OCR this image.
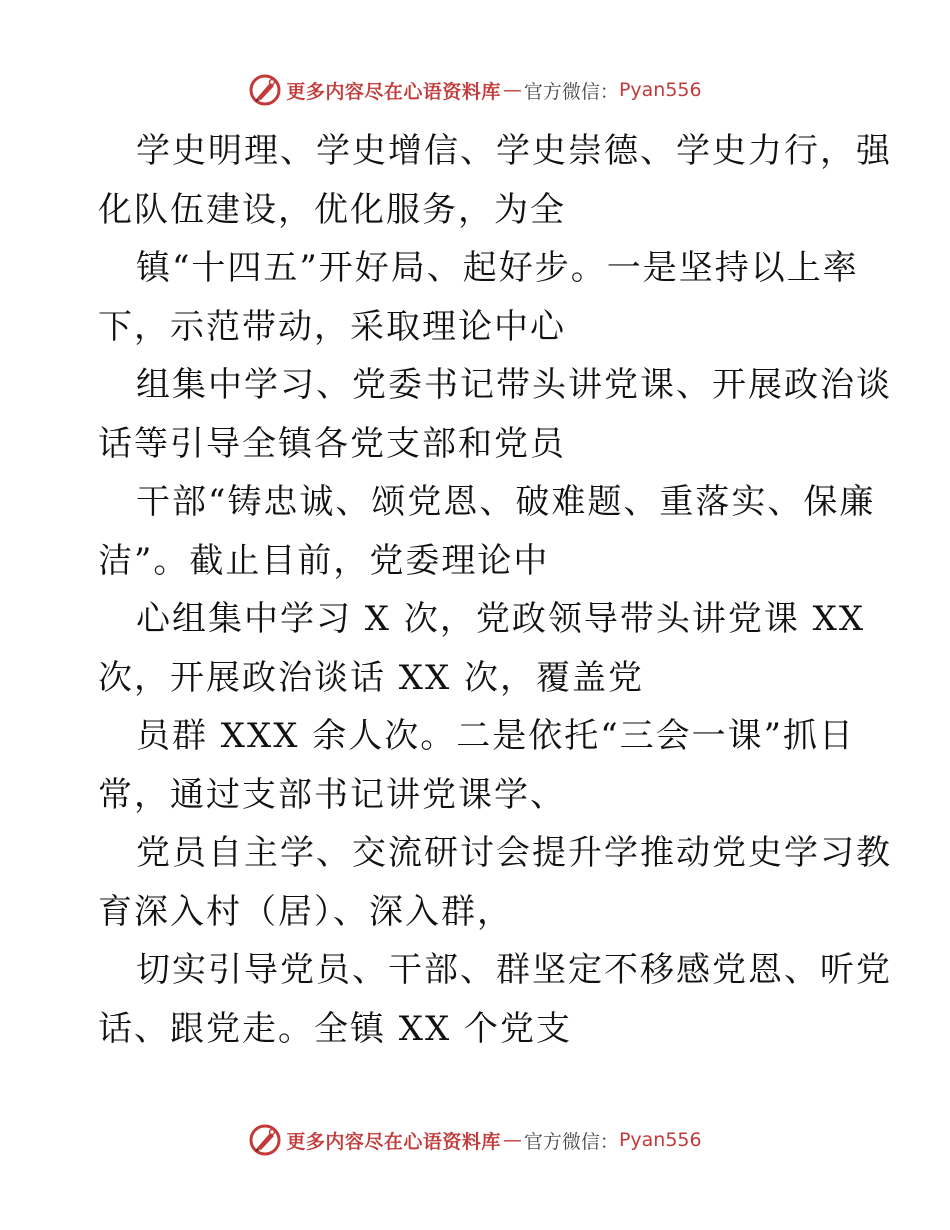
更多内容尽在心语资料库 — 官方微信： Pyan556
学史明理、学史增信、学史崇德、学史力行，强
化队伍建设，优化服务，为全
镇“十四五”开好局、起好步。一是坚持以上率
下，示范带动，采取理论中心
组集中学习、党委书记带头讲党课、开展政治谈
话等引导全镇各党支部和党员
干部“铸忠诚、颂党恩、破难题、重落实、保廉
洁”。截止目前，党委理论中
心组集中学习 X 次，党政领导带头讲党课 XX
次，开展政治谈话 XX 次，覆盖党
员群 XXX 余人次。二是依托“三会一课”抓日
常，通过支部书记讲党课学、
党员自主学、交流研讨会提升学推动党史学习教
育深入村（居）、深入群，
切实引导党员、干部、群坚定不移感党恩、听党
话、跟党走。全镇 XX 个党支
更多内容尽在心语资料库 — 官方微信： Pyan556
